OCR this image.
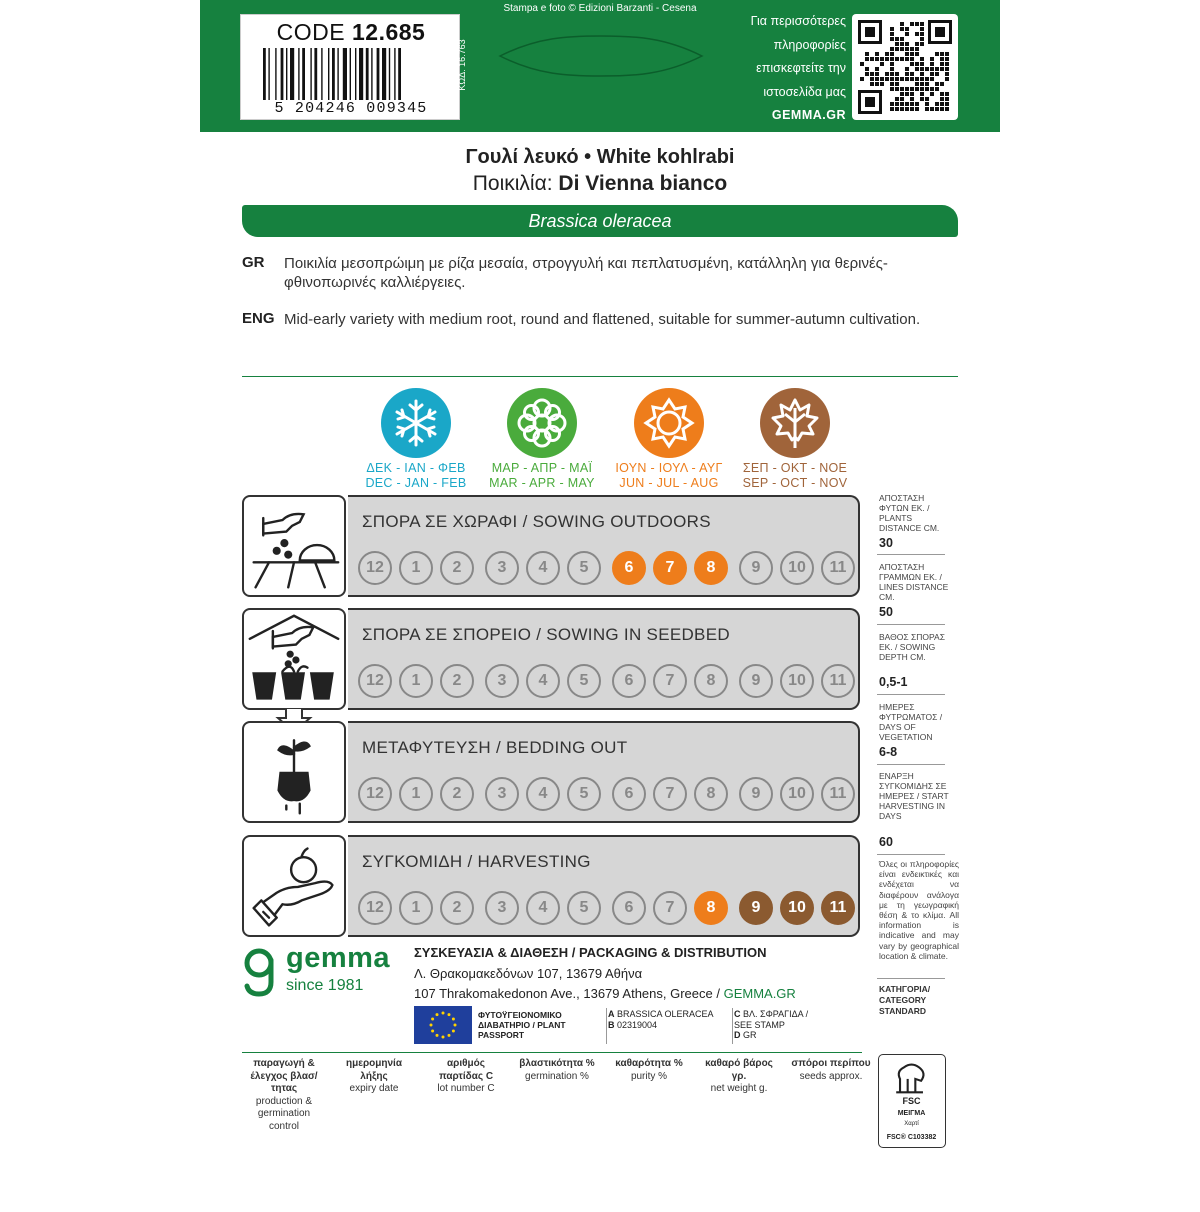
CODE 12.685
5 204246 009345
ΚΩΔ. 16.763
Stampa e foto © Edizioni Barzanti - Cesena
Για περισσότερες
πληροφορίες
επισκεφτείτε την
ιστοσελίδα μας
GEMMA.GR
Γουλί λευκό • White kohlrabi
Ποικιλία: Di Vienna bianco
Brassica oleracea
GR Ποικιλία μεσοπρώιμη με ρίζα μεσαία, στρογγυλή και πεπλατυσμένη, κατάλληλη για θερινές-φθινοπωρινές καλλιέργειες.
ENG Mid-early variety with medium root, round and flattened, suitable for summer-autumn cultivation.
ΔΕΚ - ΙΑΝ - ΦΕΒ
DEC - JAN - FEB
ΜΑΡ - ΑΠΡ - ΜΑΪ
MAR - APR - MAY
ΙΟΥΝ - ΙΟΥΛ - ΑΥΓ
JUN - JUL - AUG
ΣΕΠ - ΟΚΤ - ΝΟΕ
SEP - OCT - NOV
ΣΠΟΡΑ ΣΕ ΧΩΡΑΦΙ / SOWING OUTDOORS
12	1	2	3	4	5	6	7	8	9	10	11
ΣΠΟΡΑ ΣΕ ΣΠΟΡΕΙΟ / SOWING IN SEEDBED
12	1	2	3	4	5	6	7	8	9	10	11
ΜΕΤΑΦΥΤΕΥΣΗ / BEDDING OUT
12	1	2	3	4	5	6	7	8	9	10	11
ΣΥΓΚΟΜΙΔΗ / HARVESTING
12	1	2	3	4	5	6	7	8	9	10	11
ΑΠΟΣΤΑΣΗ ΦΥΤΩΝ ΕΚ. / PLANTS DISTANCE CM.
30
ΑΠΟΣΤΑΣΗ ΓΡΑΜΜΩΝ ΕΚ. / LINES DISTANCE CM.
50
ΒΑΘΟΣ ΣΠΟΡΑΣ ΕΚ. / SOWING DEPTH CM.
0,5-1
ΗΜΕΡΕΣ ΦΥΤΡΩΜΑΤΟΣ / DAYS OF VEGETATION
6-8
ΕΝΑΡΞΗ ΣΥΓΚΟΜΙΔΗΣ ΣΕ ΗΜΕΡΕΣ / START HARVESTING IN DAYS
60
Όλες οι πληροφορίες είναι ενδεικτικές και ενδέχεται να διαφέρουν ανάλογα με τη γεωγραφική θέση & το κλίμα. All information is indicative and may vary by geographical location & climate.
ΚΑΤΗΓΟΡΙΑ/ CATEGORY STANDARD
gemma
since 1981
ΣΥΣΚΕΥΑΣΙΑ & ΔΙΑΘΕΣΗ / PACKAGING & DISTRIBUTION
Λ. Θρακομακεδόνων 107, 13679 Αθήνα
107 Thrakomakedonon Ave., 13679 Athens, Greece / GEMMA.GR
ΦΥΤΟΫΓΕΙΟΝΟΜΙΚΟ ΔΙΑΒΑΤΗΡΙΟ / PLANT PASSPORT
A BRASSICA OLERACEA
B 02319004
C ΒΛ. ΣΦΡΑΓΙΔΑ / SEE STAMP
D GR
παραγωγή & έλεγχος βλασ/τητας
production & germination control
ημερομηνία λήξης
expiry date
αριθμός παρτίδας C
lot number C
βλαστικότητα %
germination %
καθαρότητα %
purity %
καθαρό βάρος γρ.
net weight g.
σπόροι περίπου
seeds approx.
FSC
ΜΕΙΓΜΑ
Χαρτί
FSC® C103382
